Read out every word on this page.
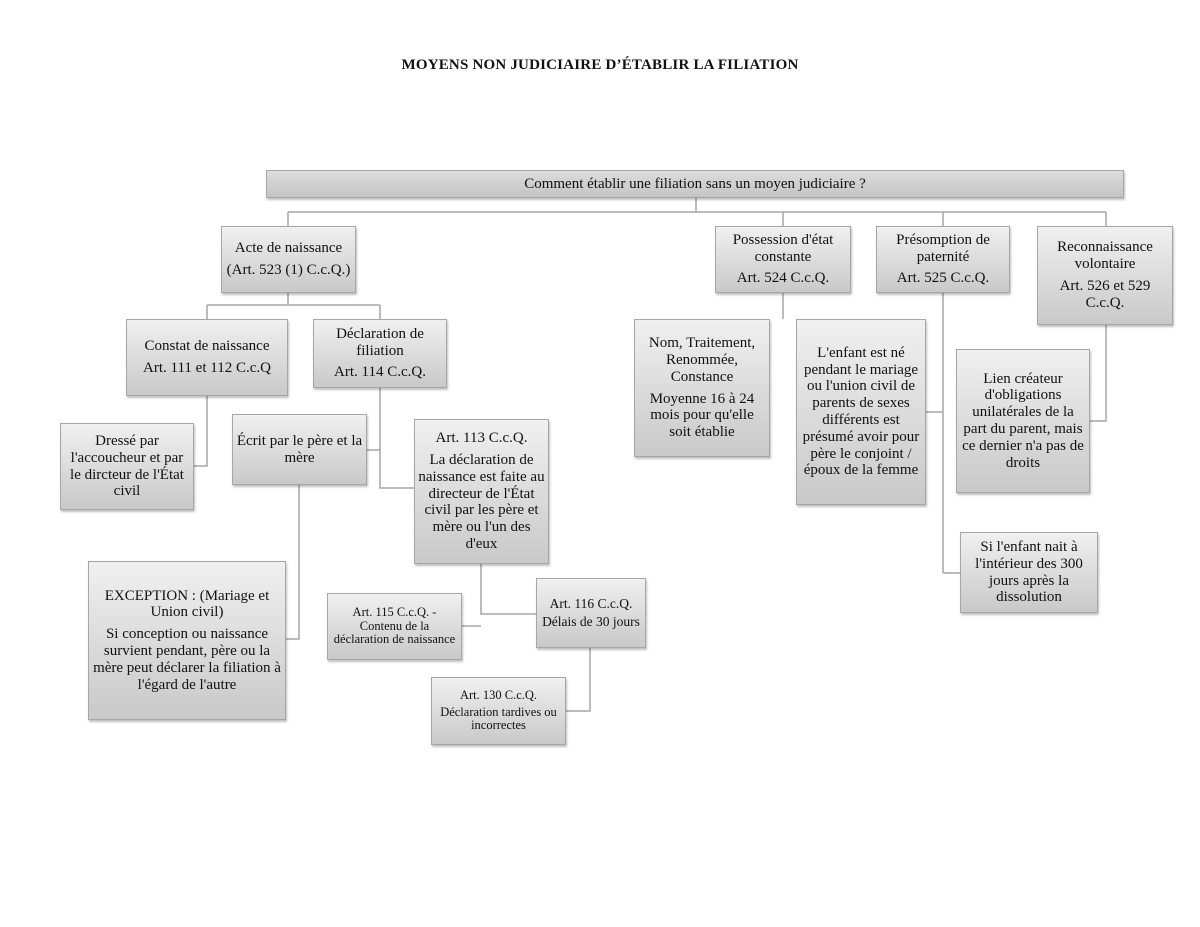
MOYENS NON JUDICIAIRE D’ÉTABLIR LA FILIATION
Comment établir une filiation sans un moyen judiciaire ?
Acte de naissance
(Art. 523 (1) C.c.Q.)
Possession d'état constante
Art. 524 C.c.Q.
Présomption de paternité
Art. 525 C.c.Q.
Reconnaissance volontaire
Art. 526 et 529 C.c.Q.
Constat de naissance
Art. 111 et 112 C.c.Q
Déclaration de filiation
Art. 114 C.c.Q.
Nom, Traitement, Renommée, Constance
Moyenne 16 à 24 mois pour qu'elle soit établie
L'enfant est né pendant le mariage ou l'union civil de parents de sexes différents est présumé avoir pour père le conjoint / époux de la femme
Lien créateur d'obligations unilatérales de la part du parent, mais ce dernier n'a pas de droits
Dressé par l'accoucheur et par le dircteur de l'État civil
Écrit par le père et la mère
Art. 113 C.c.Q.
La déclaration de naissance est faite au directeur de l'État civil par les père et mère ou l'un des d'eux	Si l'enfant nait à l'intérieur des 300 jours après la dissolution
EXCEPTION : (Mariage et Union civil)
Si conception ou naissance survient pendant, père ou la mère peut déclarer la filiation à l'égard de l'autre
Art. 115 C.c.Q. - Contenu de la déclaration de naissance
Art. 116 C.c.Q.
Délais de 30 jours
Art. 130 C.c.Q.
Déclaration tardives ou incorrectes
